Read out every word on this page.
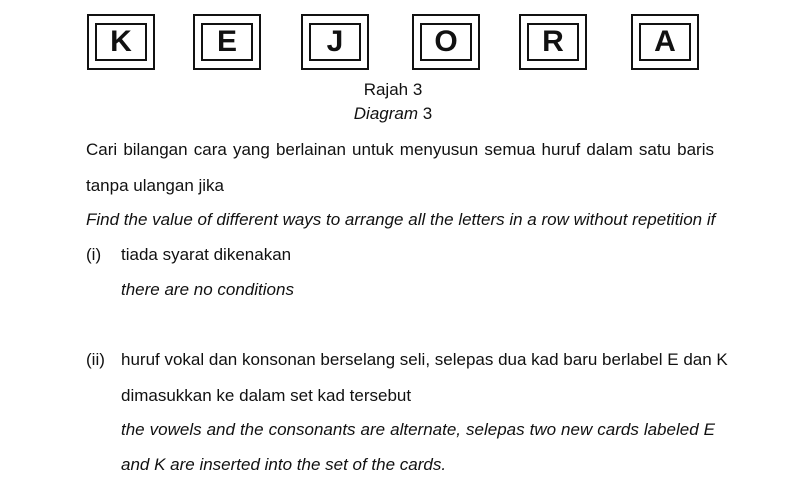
K	E	J	O	R	A
Rajah 3
Diagram 3
Cari bilangan cara yang berlainan untuk menyusun semua huruf dalam satu baris
tanpa ulangan jika
Find the value of different ways to arrange all the letters in a row without repetition if
(i) tiada syarat dikenakan
there are no conditions
(ii) huruf vokal dan konsonan berselang seli, selepas dua kad baru berlabel E dan K
dimasukkan ke dalam set kad tersebut
the vowels and the consonants are alternate, selepas two new cards labeled E
and K are inserted into the set of the cards.
